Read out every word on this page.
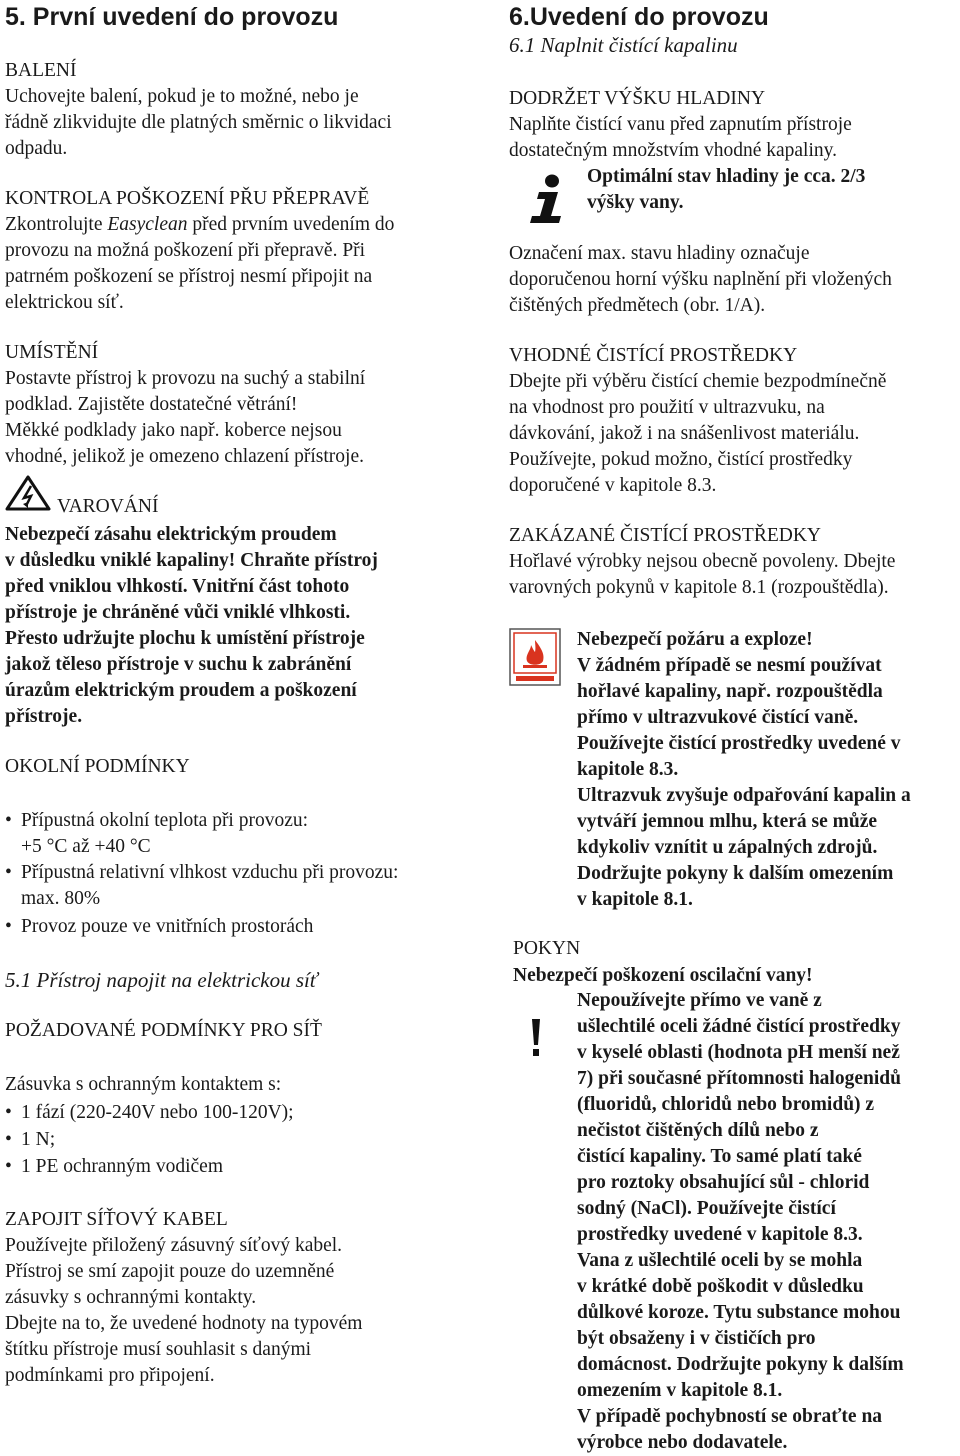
5. První uvedení do provozu
BALENÍ
Uchovejte balení, pokud je to možné, nebo je
řádně zlikvidujte dle platných směrnic o likvidaci
odpadu.
KONTROLA POŠKOZENÍ PŘU PŘEPRAVĚ
Zkontrolujte Easyclean před prvním uvedením do
provozu na možná poškození při přepravě. Při
patrném poškození se přístroj nesmí připojit na
elektrickou síť.
UMÍSTĚNÍ
Postavte přístroj k provozu na suchý a stabilní
podklad. Zajistěte dostatečné větrání!
Měkké podklady jako např. koberce nejsou
vhodné, jelikož je omezeno chlazení přístroje.
VAROVÁNÍ
Nebezpečí zásahu elektrickým proudem
v důsledku vniklé kapaliny! Chraňte přístroj
před vniklou vlhkostí. Vnitřní část tohoto
přístroje je chráněné vůči vniklé vlhkosti.
Přesto udržujte plochu k umístění přístroje
jakož těleso přístroje v suchu k zabránění
úrazům elektrickým proudem a poškození
přístroje.
OKOLNÍ PODMÍNKY
• Přípustná okolní teplota při provozu:
+5 °C až +40 °C
• Přípustná relativní vlhkost vzduchu při provozu:
max. 80%
• Provoz pouze ve vnitřních prostorách
5.1 Přístroj napojit na elektrickou síť
POŽADOVANÉ PODMÍNKY PRO SÍŤ
Zásuvka s ochranným kontaktem s:
• 1 fází (220-240V nebo 100-120V);
• 1 N;
• 1 PE ochranným vodičem
ZAPOJIT SÍŤOVÝ KABEL
Používejte přiložený zásuvný síťový kabel.
Přístroj se smí zapojit pouze do uzemněné
zásuvky s ochrannými kontakty.
Dbejte na to, že uvedené hodnoty na typovém
štítku přístroje musí souhlasit s danými
podmínkami pro připojení.
6.Uvedení do provozu
6.1 Naplnit čistící kapalinu
DODRŽET VÝŠKU HLADINY
Naplňte čistící vanu před zapnutím přístroje
dostatečným množstvím vhodné kapaliny.
Optimální stav hladiny je cca. 2/3
výšky vany.
Označení max. stavu hladiny označuje
doporučenou horní výšku naplnění při vložených
čištěných předmětech (obr. 1/A).
VHODNÉ ČISTÍCÍ PROSTŘEDKY
Dbejte při výběru čistící chemie bezpodmínečně
na vhodnost pro použití v ultrazvuku, na
dávkování, jakož i na snášenlivost materiálu.
Používejte, pokud možno, čistící prostředky
doporučené v kapitole 8.3.
ZAKÁZANÉ ČISTÍCÍ PROSTŘEDKY
Hořlavé výrobky nejsou obecně povoleny. Dbejte
varovných pokynů v kapitole 8.1 (rozpouštědla).
Nebezpečí požáru a exploze!
V žádném případě se nesmí používat
hořlavé kapaliny, např. rozpouštědla
přímo v ultrazvukové čistící vaně.
Používejte čistící prostředky uvedené v
kapitole 8.3.
Ultrazvuk zvyšuje odpařování kapalin a
vytváří jemnou mlhu, která se může
kdykoliv vznítit u zápalných zdrojů.
Dodržujte pokyny k dalším omezením
v kapitole 8.1.
POKYN
Nebezpečí poškození oscilační vany!
Nepoužívejte přímo ve vaně z
ušlechtilé oceli žádné čistící prostředky
v kyselé oblasti (hodnota pH menší než
7) při současné přítomnosti halogenidů
(fluoridů, chloridů nebo bromidů) z
nečistot čištěných dílů nebo z
čistící kapaliny. To samé platí také
pro roztoky obsahující sůl - chlorid
sodný (NaCl). Používejte čistící
prostředky uvedené v kapitole 8.3.
Vana z ušlechtilé oceli by se mohla
v krátké době poškodit v důsledku
důlkové koroze. Tytu substance mohou
být obsaženy i v čističích pro
domácnost. Dodržujte pokyny k dalším
omezením v kapitole 8.1.
V případě pochybností se obraťte na
výrobce nebo dodavatele.
